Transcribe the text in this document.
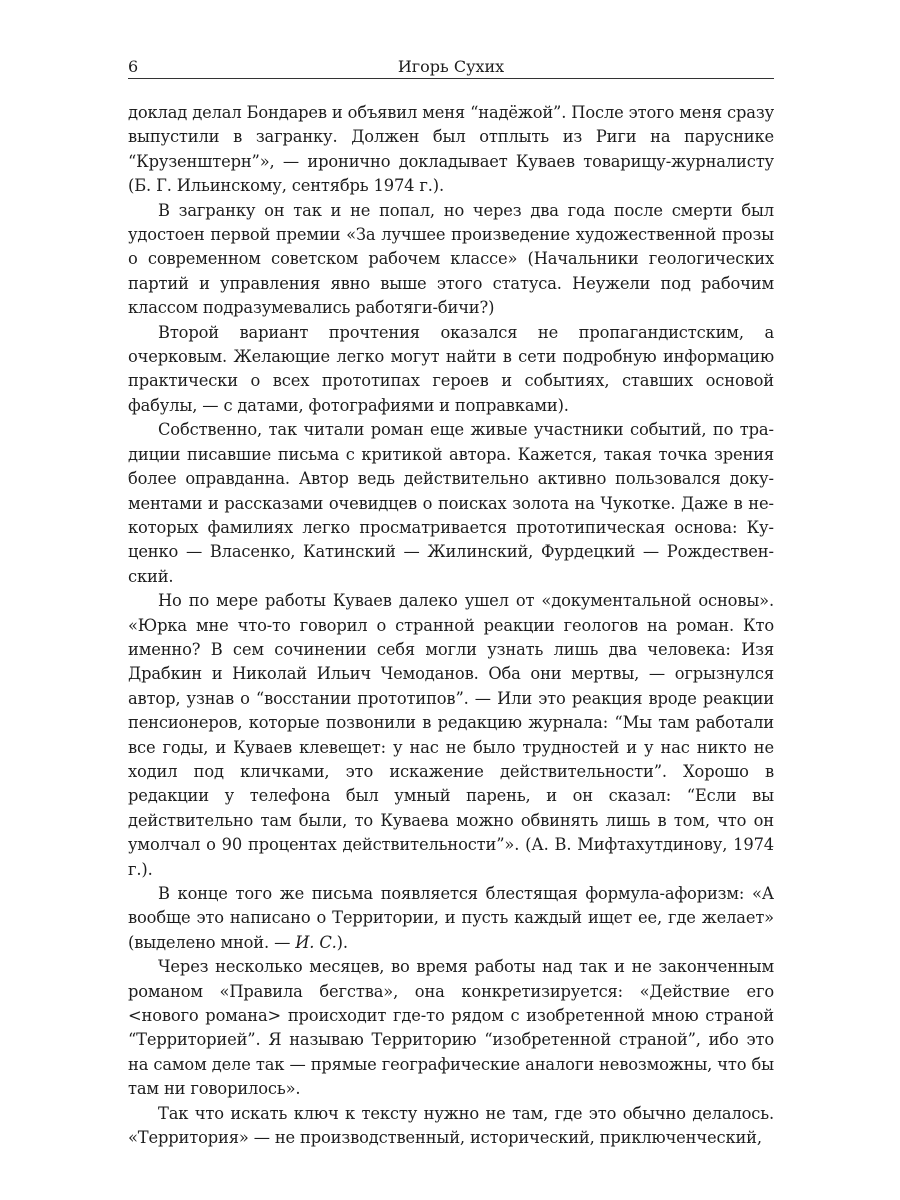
6	Игорь Сухих

доклад делал Бондарев и объявил меня “надёжой”. После этого меня сразу выпустили в загранку. Должен был отплыть из Риги на паруснике “Крузенштерн”», — иронично докладывает Куваев товарищу-журналисту (Б. Г. Ильинскому, сентябрь 1974 г.).

В загранку он так и не попал, но через два года после смерти был удостоен первой премии «За лучшее произведение художественной прозы о современном советском рабочем классе» (Начальники геологических партий и управления явно выше этого статуса. Неужели под рабочим классом подразумевались работяги-бичи?)

Второй вариант прочтения оказался не пропагандистским, а очерковым. Желающие легко могут найти в сети подробную информацию практически о всех прототипах героев и событиях, ставших основой фабулы, — с датами, фотографиями и поправками).

Собственно, так читали роман еще живые участники событий, по традиции писавшие письма с критикой автора. Кажется, такая точка зрения более оправданна. Автор ведь действительно активно пользовался документами и рассказами очевидцев о поисках золота на Чукотке. Даже в некоторых фамилиях легко просматривается прототипическая основа: Куценко — Власенко, Катинский — Жилинский, Фурдецкий — Рождественский.

Но по мере работы Куваев далеко ушел от «документальной основы». «Юрка мне что-то говорил о странной реакции геологов на роман. Кто именно? В сем сочинении себя могли узнать лишь два человека: Изя Драбкин и Николай Ильич Чемоданов. Оба они мертвы, — огрызнулся автор, узнав о “восстании прототипов”. — Или это реакция вроде реакции пенсионеров, которые позвонили в редакцию журнала: “Мы там работали все годы, и Куваев клевещет: у нас не было трудностей и у нас никто не ходил под кличками, это искажение действительности”. Хорошо в редакции у телефона был умный парень, и он сказал: “Если вы действительно там были, то Куваева можно обвинять лишь в том, что он умолчал о 90 процентах действительности”». (А. В. Мифтахутдинову, 1974 г.).

В конце того же письма появляется блестящая формула-афоризм: «А вообще это написано о Территории, и пусть каждый ищет ее, где желает» (выделено мной. — И. С.).

Через несколько месяцев, во время работы над так и не законченным романом «Правила бегства», она конкретизируется: «Действие его <нового романа> происходит где-то рядом с изобретенной мною страной “Территорией”. Я называю Территорию “изобретенной страной”, ибо это на самом деле так — прямые географические аналоги невозможны, что бы там ни говорилось».

Так что искать ключ к тексту нужно не там, где это обычно делалось. «Территория» — не производственный, исторический, приключенческий,
